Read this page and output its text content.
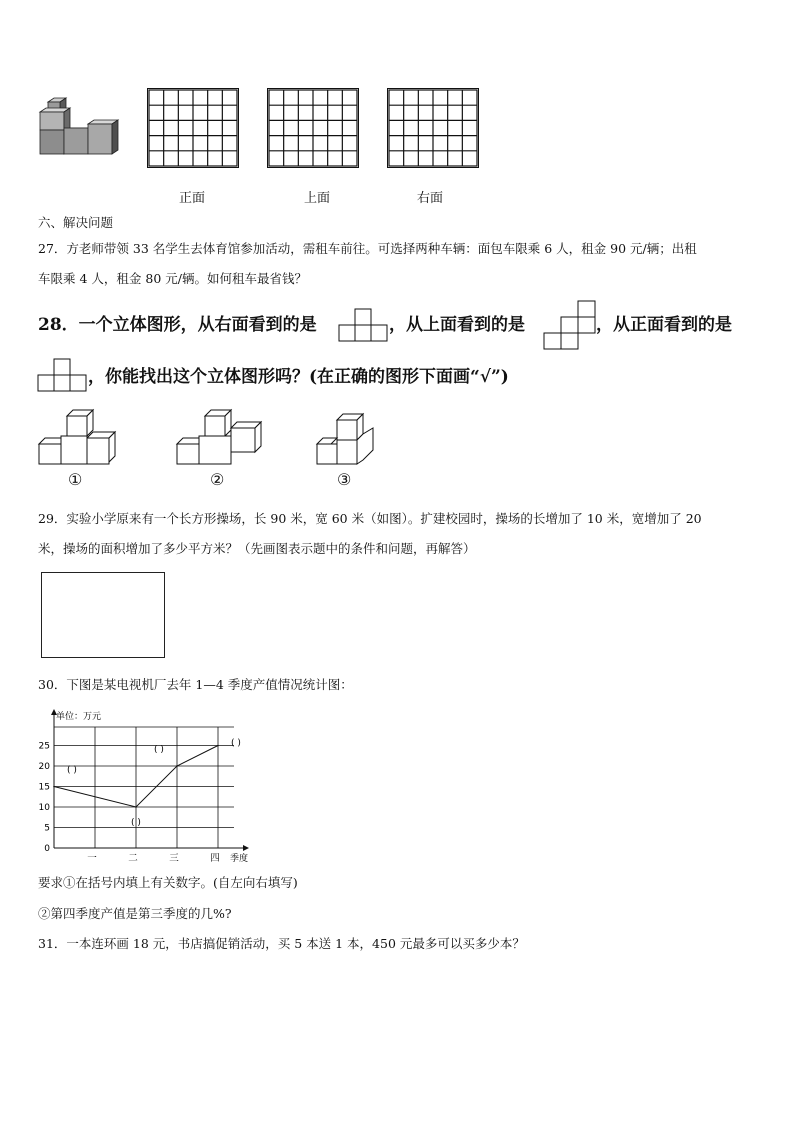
正面	上面	右面
六、解决问题
27．方老师带领 33 名学生去体育馆参加活动，需租车前往。可选择两种车辆：面包车限乘 6 人，租金 90 元/辆；出租
车限乘 4 人，租金 80 元/辆。如何租车最省钱？
28．一个立体图形，从右面看到的是	，从上面看到的是	，从正面看到的是
，你能找出这个立体图形吗？(在正确的图形下面画“√”)
①	②	③
29．实验小学原来有一个长方形操场，长 90 米，宽 60 米（如图）。扩建校园时，操场的长增加了 10 米，宽增加了 20
米，操场的面积增加了多少平方米？（先画图表示题中的条件和问题，再解答）
30．下图是某电视机厂去年 1—4 季度产值情况统计图：
0
5
10
15
20
25
一	二	三	四 季度
( )
( )
( )
( )
单位：万元
要求①在括号内填上有关数字。(自左向右填写)
②第四季度产值是第三季度的几%?
31．一本连环画 18 元，书店搞促销活动，买 5 本送 1 本，450 元最多可以买多少本？
